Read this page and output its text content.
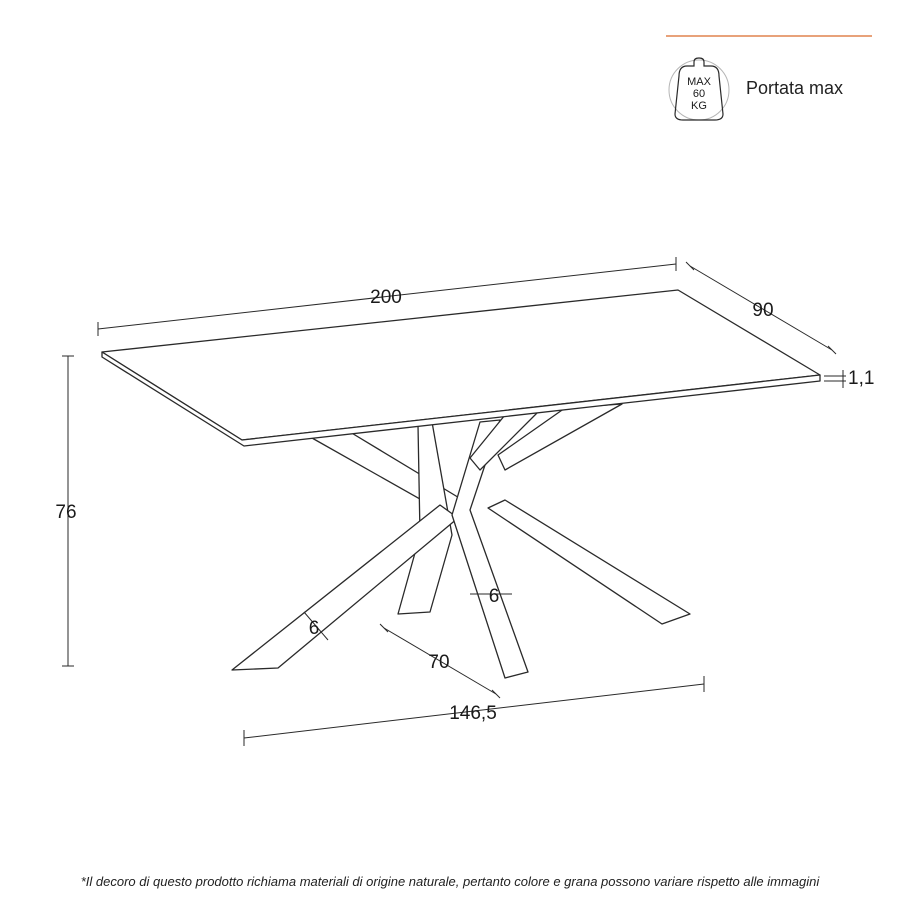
200
90
1,1
76
6
6
70
146,5
MAX
60
KG
Portata max
*Il decoro di questo prodotto richiama materiali di origine naturale, pertanto colore e grana possono variare rispetto alle immagini
